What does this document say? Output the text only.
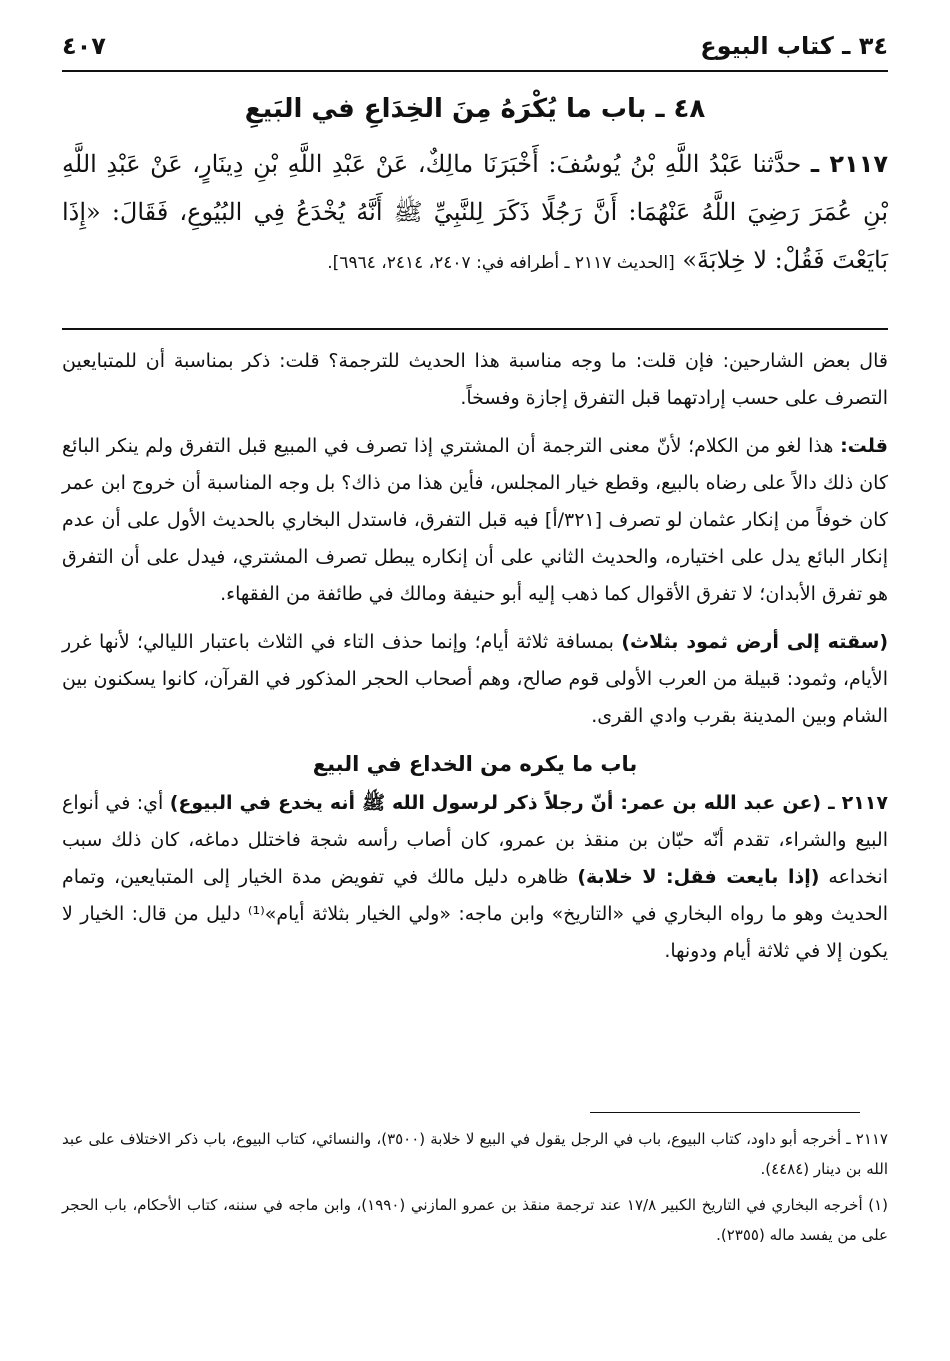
٣٤ ـ كتاب البيوع
٤٠٧
٤٨ ـ باب ما يُكْرَهُ مِنَ الخِدَاعِ في البَيعِ
٢١١٧ ـ حدَّثنا عَبْدُ اللَّهِ بْنُ يُوسُفَ: أَخْبَرَنَا مالِكٌ، عَنْ عَبْدِ اللَّهِ بْنِ دِينَارٍ، عَنْ عَبْدِ اللَّهِ بْنِ عُمَرَ رَضِيَ اللَّهُ عَنْهُمَا: أَنَّ رَجُلًا ذَكَرَ لِلنَّبِيِّ ﷺ أَنَّهُ يُخْدَعُ فِي البُيُوعِ، فَقَالَ: «إِذَا بَايَعْتَ فَقُلْ: لا خِلابَةَ» [الحديث ٢١١٧ ـ أطرافه في: ٢٤٠٧، ٢٤١٤، ٦٩٦٤].

قال بعض الشارحين: فإن قلت: ما وجه مناسبة هذا الحديث للترجمة؟ قلت: ذكر بمناسبة أن للمتبايعين التصرف على حسب إرادتهما قبل التفرق إجازة وفسخاً.

قلت: هذا لغو من الكلام؛ لأنّ معنى الترجمة أن المشتري إذا تصرف في المبيع قبل التفرق ولم ينكر البائع كان ذلك دالاً على رضاه بالبيع، وقطع خيار المجلس، فأين هذا من ذاك؟ بل وجه المناسبة أن خروج ابن عمر كان خوفاً من إنكار عثمان لو تصرف [٣٢١/أ] فيه قبل التفرق، فاستدل البخاري بالحديث الأول على أن عدم إنكار البائع يدل على اختياره، والحديث الثاني على أن إنكاره يبطل تصرف المشتري، فيدل على أن التفرق هو تفرق الأبدان؛ لا تفرق الأقوال كما ذهب إليه أبو حنيفة ومالك في طائفة من الفقهاء.

(سقته إلى أرض ثمود بثلاث) بمسافة ثلاثة أيام؛ وإنما حذف التاء في الثلاث باعتبار الليالي؛ لأنها غرر الأيام، وثمود: قبيلة من العرب الأولى قوم صالح، وهم أصحاب الحجر المذكور في القرآن، كانوا يسكنون بين الشام وبين المدينة بقرب وادي القرى.

باب ما يكره من الخداع في البيع

٢١١٧ ـ (عن عبد الله بن عمر: أنّ رجلاً ذكر لرسول الله ﷺ أنه يخدع في البيوع) أي: في أنواع البيع والشراء، تقدم أنّه حبّان بن منقذ بن عمرو، كان أصاب رأسه شجة فاختلل دماغه، كان ذلك سبب انخداعه (إذا بايعت فقل: لا خلابة) ظاهره دليل مالك في تفويض مدة الخيار إلى المتبايعين، وتمام الحديث وهو ما رواه البخاري في «التاريخ» وابن ماجه: «ولي الخيار بثلاثة أيام»⁽¹⁾ دليل من قال: الخيار لا يكون إلا في ثلاثة أيام ودونها.

٢١١٧ ـ أخرجه أبو داود، كتاب البيوع، باب في الرجل يقول في البيع لا خلابة (٣٥٠٠)، والنسائي، كتاب البيوع، باب ذكر الاختلاف على عبد الله بن دينار (٤٤٨٤).

(١) أخرجه البخاري في التاريخ الكبير ١٧/٨ عند ترجمة منقذ بن عمرو المازني (١٩٩٠)، وابن ماجه في سننه، كتاب الأحكام، باب الحجر على من يفسد ماله (٢٣٥٥).
